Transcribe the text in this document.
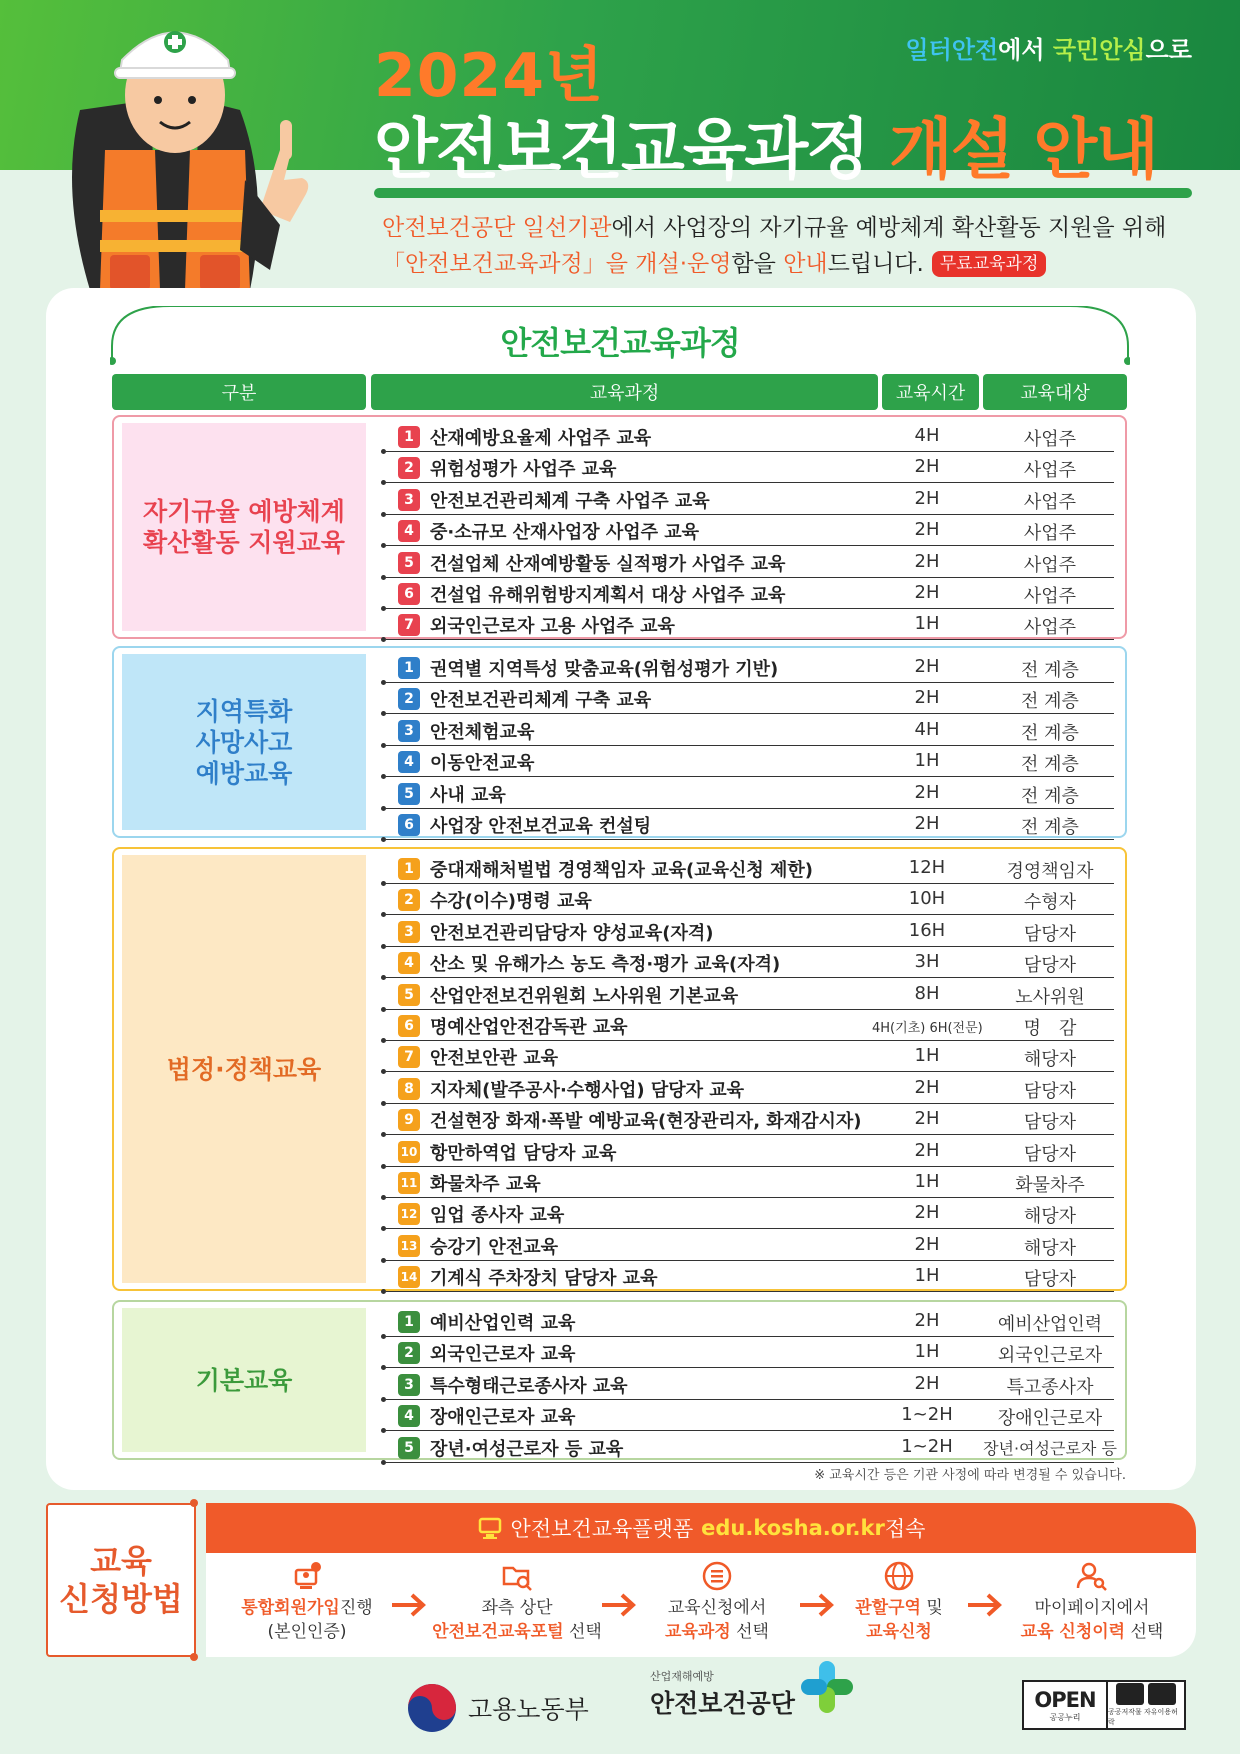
일터안전에서 국민안심으로
2024년
안전보건교육과정 개설 안내
안전보건공단 일선기관에서 사업장의 자기규율 예방체계 확산활동 지원을 위해
「안전보건교육과정」을 개설·운영함을 안내드립니다. 무료교육과정
안전보건교육과정
구분	교육과정	교육시간	교육대상
자기규율 예방체계
확산활동 지원교육
1 산재예방요율제 사업주 교육	4H	사업주
2 위험성평가 사업주 교육	2H	사업주
3 안전보건관리체계 구축 사업주 교육	2H	사업주
4 중·소규모 산재사업장 사업주 교육	2H	사업주
5 건설업체 산재예방활동 실적평가 사업주 교육	2H	사업주
6 건설업 유해위험방지계획서 대상 사업주 교육	2H	사업주
7 외국인근로자 고용 사업주 교육	1H	사업주
지역특화
사망사고
예방교육
1 권역별 지역특성 맞춤교육(위험성평가 기반)	2H	전 계층
2 안전보건관리체계 구축 교육	2H	전 계층
3 안전체험교육	4H	전 계층
4 이동안전교육	1H	전 계층
5 사내 교육	2H	전 계층
6 사업장 안전보건교육 컨설팅	2H	전 계층
법정·정책교육
1 중대재해처벌법 경영책임자 교육(교육신청 제한)	12H	경영책임자
2 수강(이수)명령 교육	10H	수형자
3 안전보건관리담당자 양성교육(자격)	16H	담당자
4 산소 및 유해가스 농도 측정·평가 교육(자격)	3H	담당자
5 산업안전보건위원회 노사위원 기본교육	8H	노사위원
6 명예산업안전감독관 교육	4H(기초) 6H(전문)	명　감
7 안전보안관 교육	1H	해당자
8 지자체(발주공사·수행사업) 담당자 교육	2H	담당자
9 건설현장 화재·폭발 예방교육(현장관리자, 화재감시자)	2H	담당자
10 항만하역업 담당자 교육	2H	담당자
11 화물차주 교육	1H	화물차주
12 임업 종사자 교육	2H	해당자
13 승강기 안전교육	2H	해당자
14 기계식 주차장치 담당자 교육	1H	담당자
기본교육
1 예비산업인력 교육	2H	예비산업인력
2 외국인근로자 교육	1H	외국인근로자
3 특수형태근로종사자 교육	2H	특고종사자
4 장애인근로자 교육	1~2H	장애인근로자
5 장년·여성근로자 등 교육	1~2H	장년·여성근로자 등
※ 교육시간 등은 기관 사정에 따라 변경될 수 있습니다.
교육
신청방법
안전보건교육플랫폼 edu.kosha.or.kr 접속
통합회원가입진행
(본인인증)
좌측 상단
안전보건교육포털 선택
교육신청에서
교육과정 선택
관할구역 및
교육신청
마이페이지에서
교육 신청이력 선택
고용노동부
산업재해예방
안전보건공단	OPEN
공공누리
공공저작물 자유이용허락
